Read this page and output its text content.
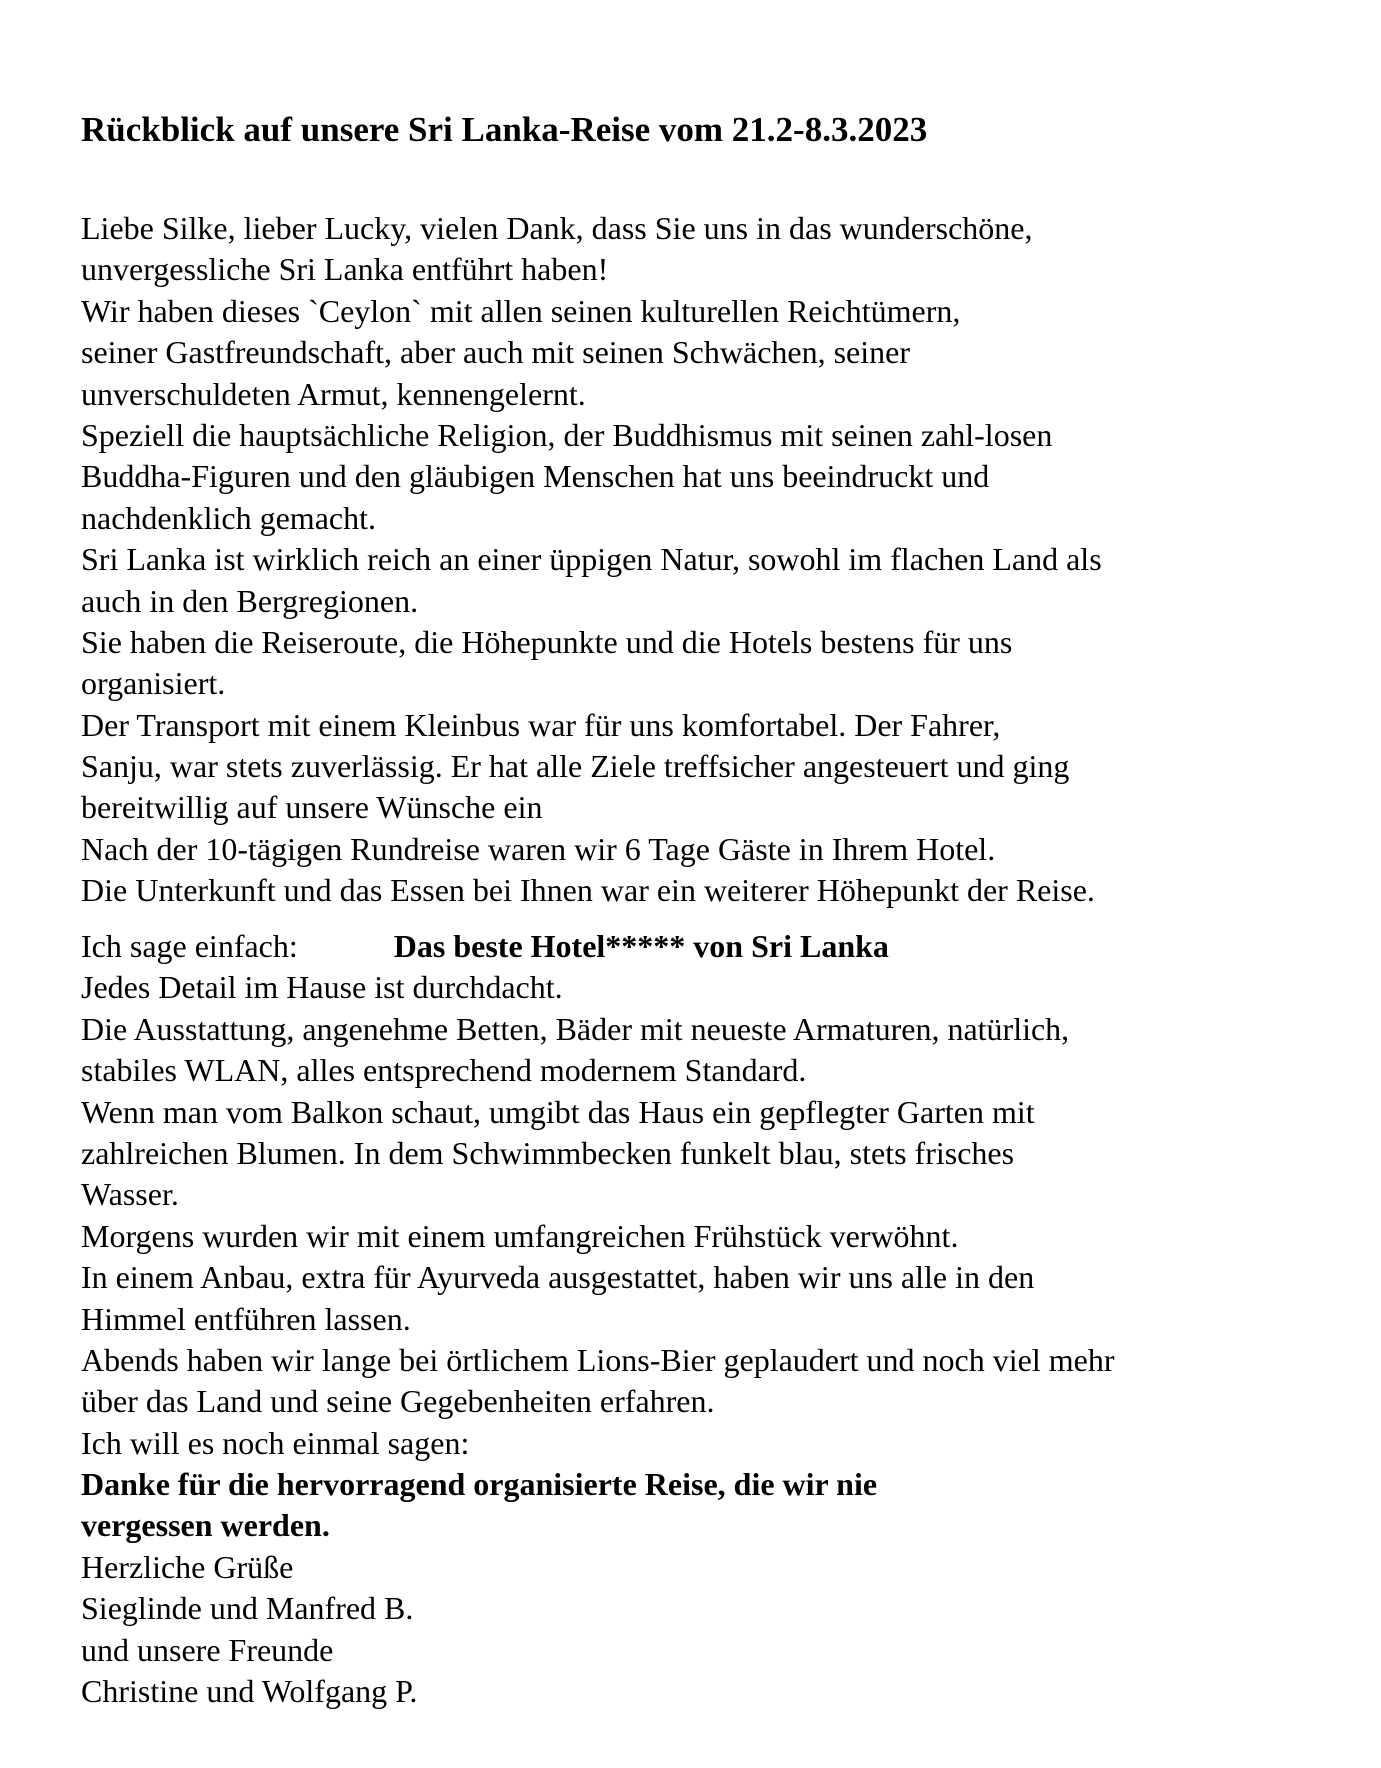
Rückblick auf unsere Sri Lanka-Reise vom 21.2-8.3.2023
Liebe Silke, lieber Lucky, vielen Dank, dass Sie uns in das wunderschöne,
unvergessliche Sri Lanka entführt haben!
Wir haben dieses `Ceylon` mit allen seinen kulturellen Reichtümern,
seiner Gastfreundschaft, aber auch mit seinen Schwächen, seiner
unverschuldeten Armut, kennengelernt.
Speziell die hauptsächliche Religion, der Buddhismus mit seinen zahl-losen
Buddha-Figuren und den gläubigen Menschen hat uns beeindruckt und
nachdenklich gemacht.
Sri Lanka ist wirklich reich an einer üppigen Natur, sowohl im flachen Land als
auch in den Bergregionen.
Sie haben die Reiseroute, die Höhepunkte und die Hotels bestens für uns
organisiert.
Der Transport mit einem Kleinbus war für uns komfortabel. Der Fahrer,
Sanju, war stets zuverlässig. Er hat alle Ziele treffsicher angesteuert und ging
bereitwillig auf unsere Wünsche ein
Nach der 10-tägigen Rundreise waren wir 6 Tage Gäste in Ihrem Hotel.
Die Unterkunft und das Essen bei Ihnen war ein weiterer Höhepunkt der Reise.
Ich sage einfach:	Das beste Hotel***** von Sri Lanka
Jedes Detail im Hause ist durchdacht.
Die Ausstattung, angenehme Betten, Bäder mit neueste Armaturen, natürlich,
stabiles WLAN, alles entsprechend modernem Standard.
Wenn man vom Balkon schaut, umgibt das Haus ein gepflegter Garten mit
zahlreichen Blumen. In dem Schwimmbecken funkelt blau, stets frisches
Wasser.
Morgens wurden wir mit einem umfangreichen Frühstück verwöhnt.
In einem Anbau, extra für Ayurveda ausgestattet, haben wir uns alle in den
Himmel entführen lassen.
Abends haben wir lange bei örtlichem Lions-Bier geplaudert und noch viel mehr
über das Land und seine Gegebenheiten erfahren.
Ich will es noch einmal sagen:
Danke für die hervorragend organisierte Reise, die wir nie
vergessen werden.
Herzliche Grüße
Sieglinde und Manfred B.
und unsere Freunde
Christine und Wolfgang P.
